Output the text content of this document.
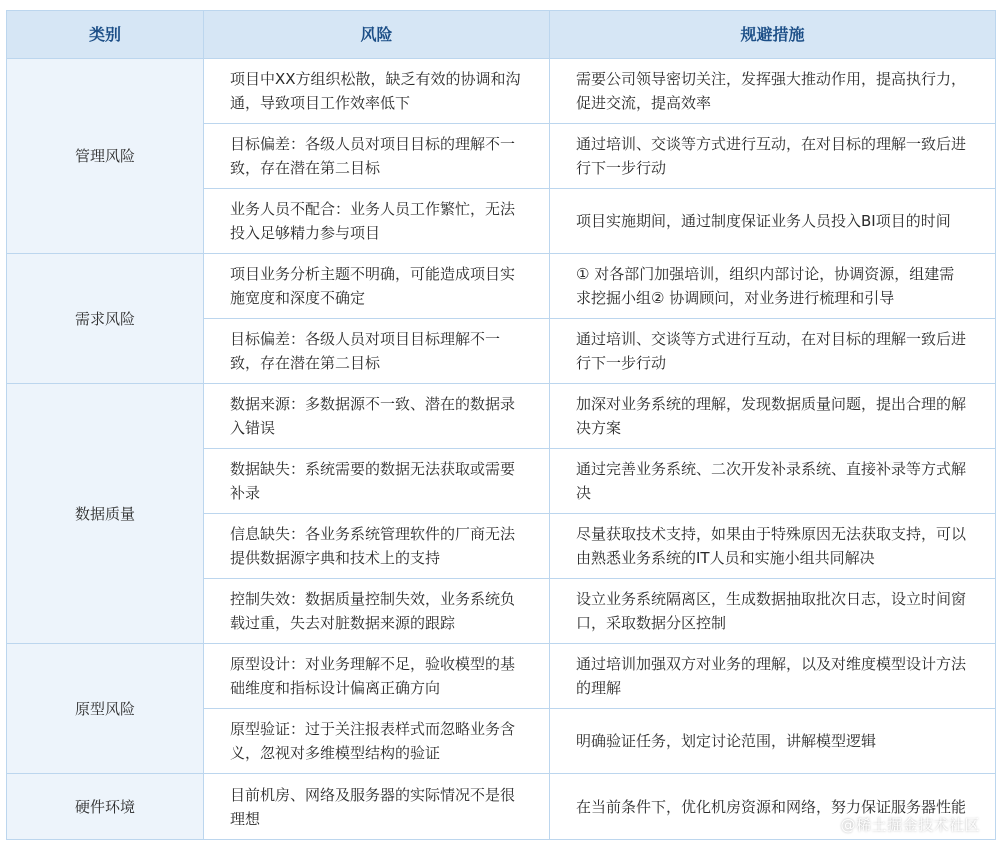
类别	风险	规避措施
管理风险	项目中XX方组织松散，缺乏有效的协调和沟通，导致项目工作效率低下	需要公司领导密切关注，发挥强大推动作用，提高执行力，促进交流，提高效率
	目标偏差：各级人员对项目目标的理解不一致，存在潜在第二目标	通过培训、交谈等方式进行互动，在对目标的理解一致后进行下一步行动
	业务人员不配合：业务人员工作繁忙，无法投入足够精力参与项目	项目实施期间，通过制度保证业务人员投入BI项目的时间
需求风险	项目业务分析主题不明确，可能造成项目实施宽度和深度不确定	① 对各部门加强培训，组织内部讨论，协调资源，组建需求挖掘小组② 协调顾问，对业务进行梳理和引导
	目标偏差：各级人员对项目目标理解不一致，存在潜在第二目标	通过培训、交谈等方式进行互动，在对目标的理解一致后进行下一步行动
数据质量	数据来源：多数据源不一致、潜在的数据录入错误	加深对业务系统的理解，发现数据质量问题，提出合理的解决方案
	数据缺失：系统需要的数据无法获取或需要补录	通过完善业务系统、二次开发补录系统、直接补录等方式解决
	信息缺失：各业务系统管理软件的厂商无法提供数据源字典和技术上的支持	尽量获取技术支持，如果由于特殊原因无法获取支持，可以由熟悉业务系统的IT人员和实施小组共同解决
	控制失效：数据质量控制失效，业务系统负载过重，失去对脏数据来源的跟踪	设立业务系统隔离区，生成数据抽取批次日志，设立时间窗口，采取数据分区控制
原型风险	原型设计：对业务理解不足，验收模型的基础维度和指标设计偏离正确方向	通过培训加强双方对业务的理解，以及对维度模型设计方法的理解
	原型验证：过于关注报表样式而忽略业务含义，忽视对多维模型结构的验证	明确验证任务，划定讨论范围，讲解模型逻辑
硬件环境	目前机房、网络及服务器的实际情况不是很理想	在当前条件下，优化机房资源和网络，努力保证服务器性能
@稀土掘金技术社区
